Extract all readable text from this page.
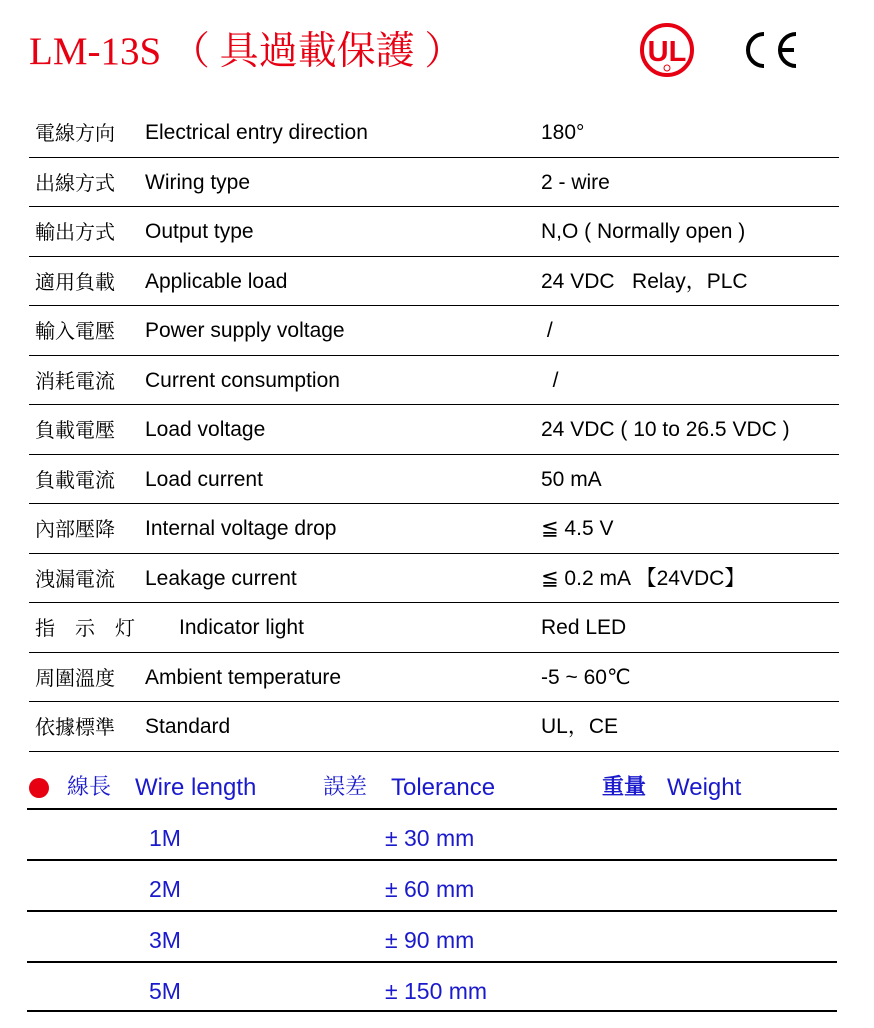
LM-13S （ 具過載保護 ）	UL
電線方向 Electrical entry direction	180°
出線方式 Wiring type	2 - wire
輸出方式 Output type	N,O ( Normally open )
適用負載 Applicable load	24 VDC   Relay，PLC
輸入電壓 Power supply voltage	/
消耗電流 Current consumption	/
負載電壓 Load voltage	24 VDC ( 10 to 26.5 VDC )
負載電流 Load current	50 mA
內部壓降 Internal voltage drop	≦ 4.5 V
洩漏電流 Leakage current	≦ 0.2 mA 【24VDC】
指　示　灯 Indicator light	Red LED
周圍溫度 Ambient temperature	-5 ~ 60℃
依據標準 Standard	UL，CE
線長 Wire length	誤差 Tolerance	重量 Weight
1M	± 30 mm
2M	± 60 mm
3M	± 90 mm
5M	± 150 mm
